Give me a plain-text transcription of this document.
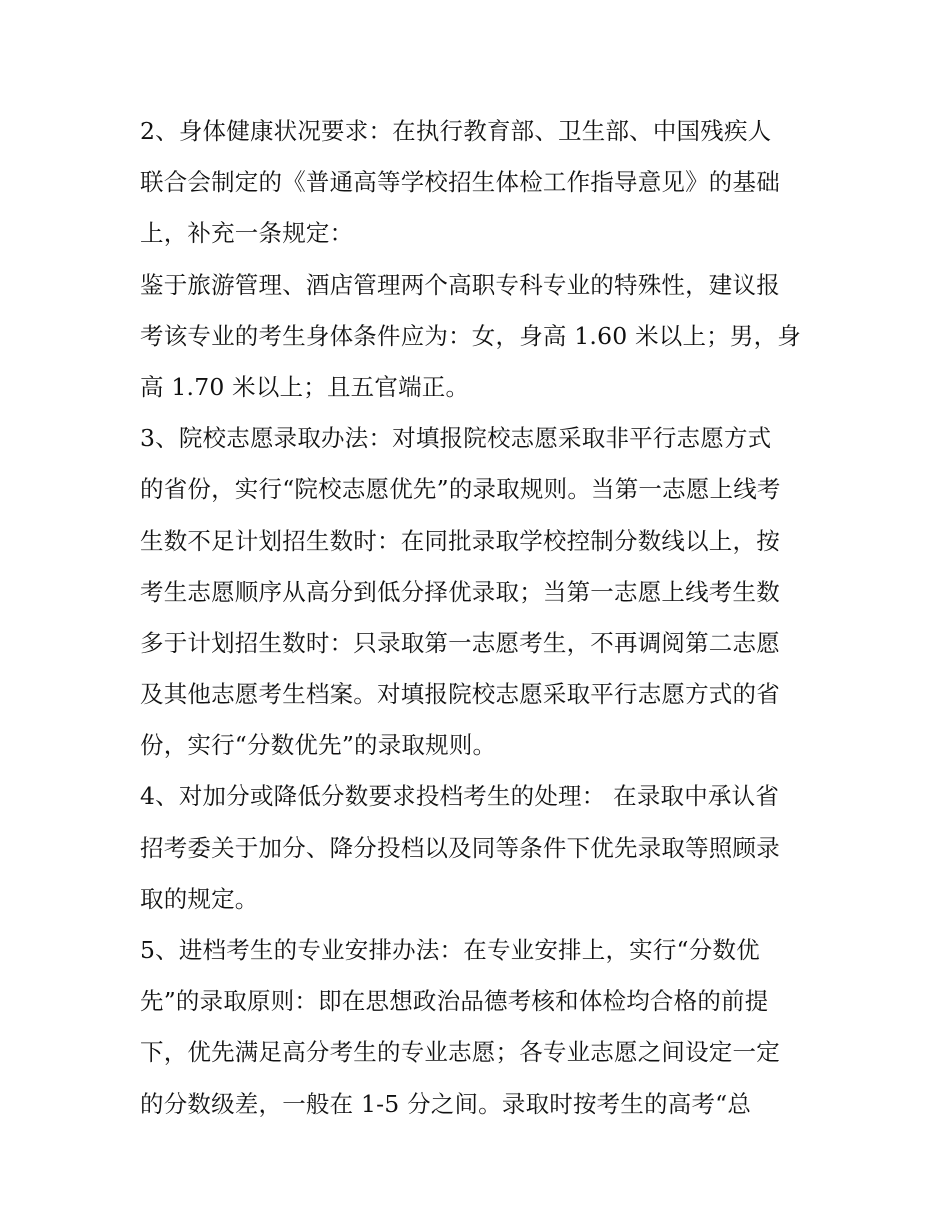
2、身体健康状况要求：在执行教育部、卫生部、中国残疾人
联合会制定的《普通高等学校招生体检工作指导意见》的基础
上，补充一条规定：
鉴于旅游管理、酒店管理两个高职专科专业的特殊性，建议报
考该专业的考生身体条件应为：女，身高 1.60 米以上；男，身
高 1.70 米以上；且五官端正。
3、院校志愿录取办法：对填报院校志愿采取非平行志愿方式
的省份，实行“院校志愿优先”的录取规则。当第一志愿上线考
生数不足计划招生数时：在同批录取学校控制分数线以上，按
考生志愿顺序从高分到低分择优录取；当第一志愿上线考生数
多于计划招生数时：只录取第一志愿考生，不再调阅第二志愿
及其他志愿考生档案。对填报院校志愿采取平行志愿方式的省
份，实行“分数优先”的录取规则。
4、对加分或降低分数要求投档考生的处理： 在录取中承认省
招考委关于加分、降分投档以及同等条件下优先录取等照顾录
取的规定。
5、进档考生的专业安排办法：在专业安排上，实行“分数优
先”的录取原则：即在思想政治品德考核和体检均合格的前提
下，优先满足高分考生的专业志愿；各专业志愿之间设定一定
的分数级差，一般在 1-5 分之间。录取时按考生的高考“总
